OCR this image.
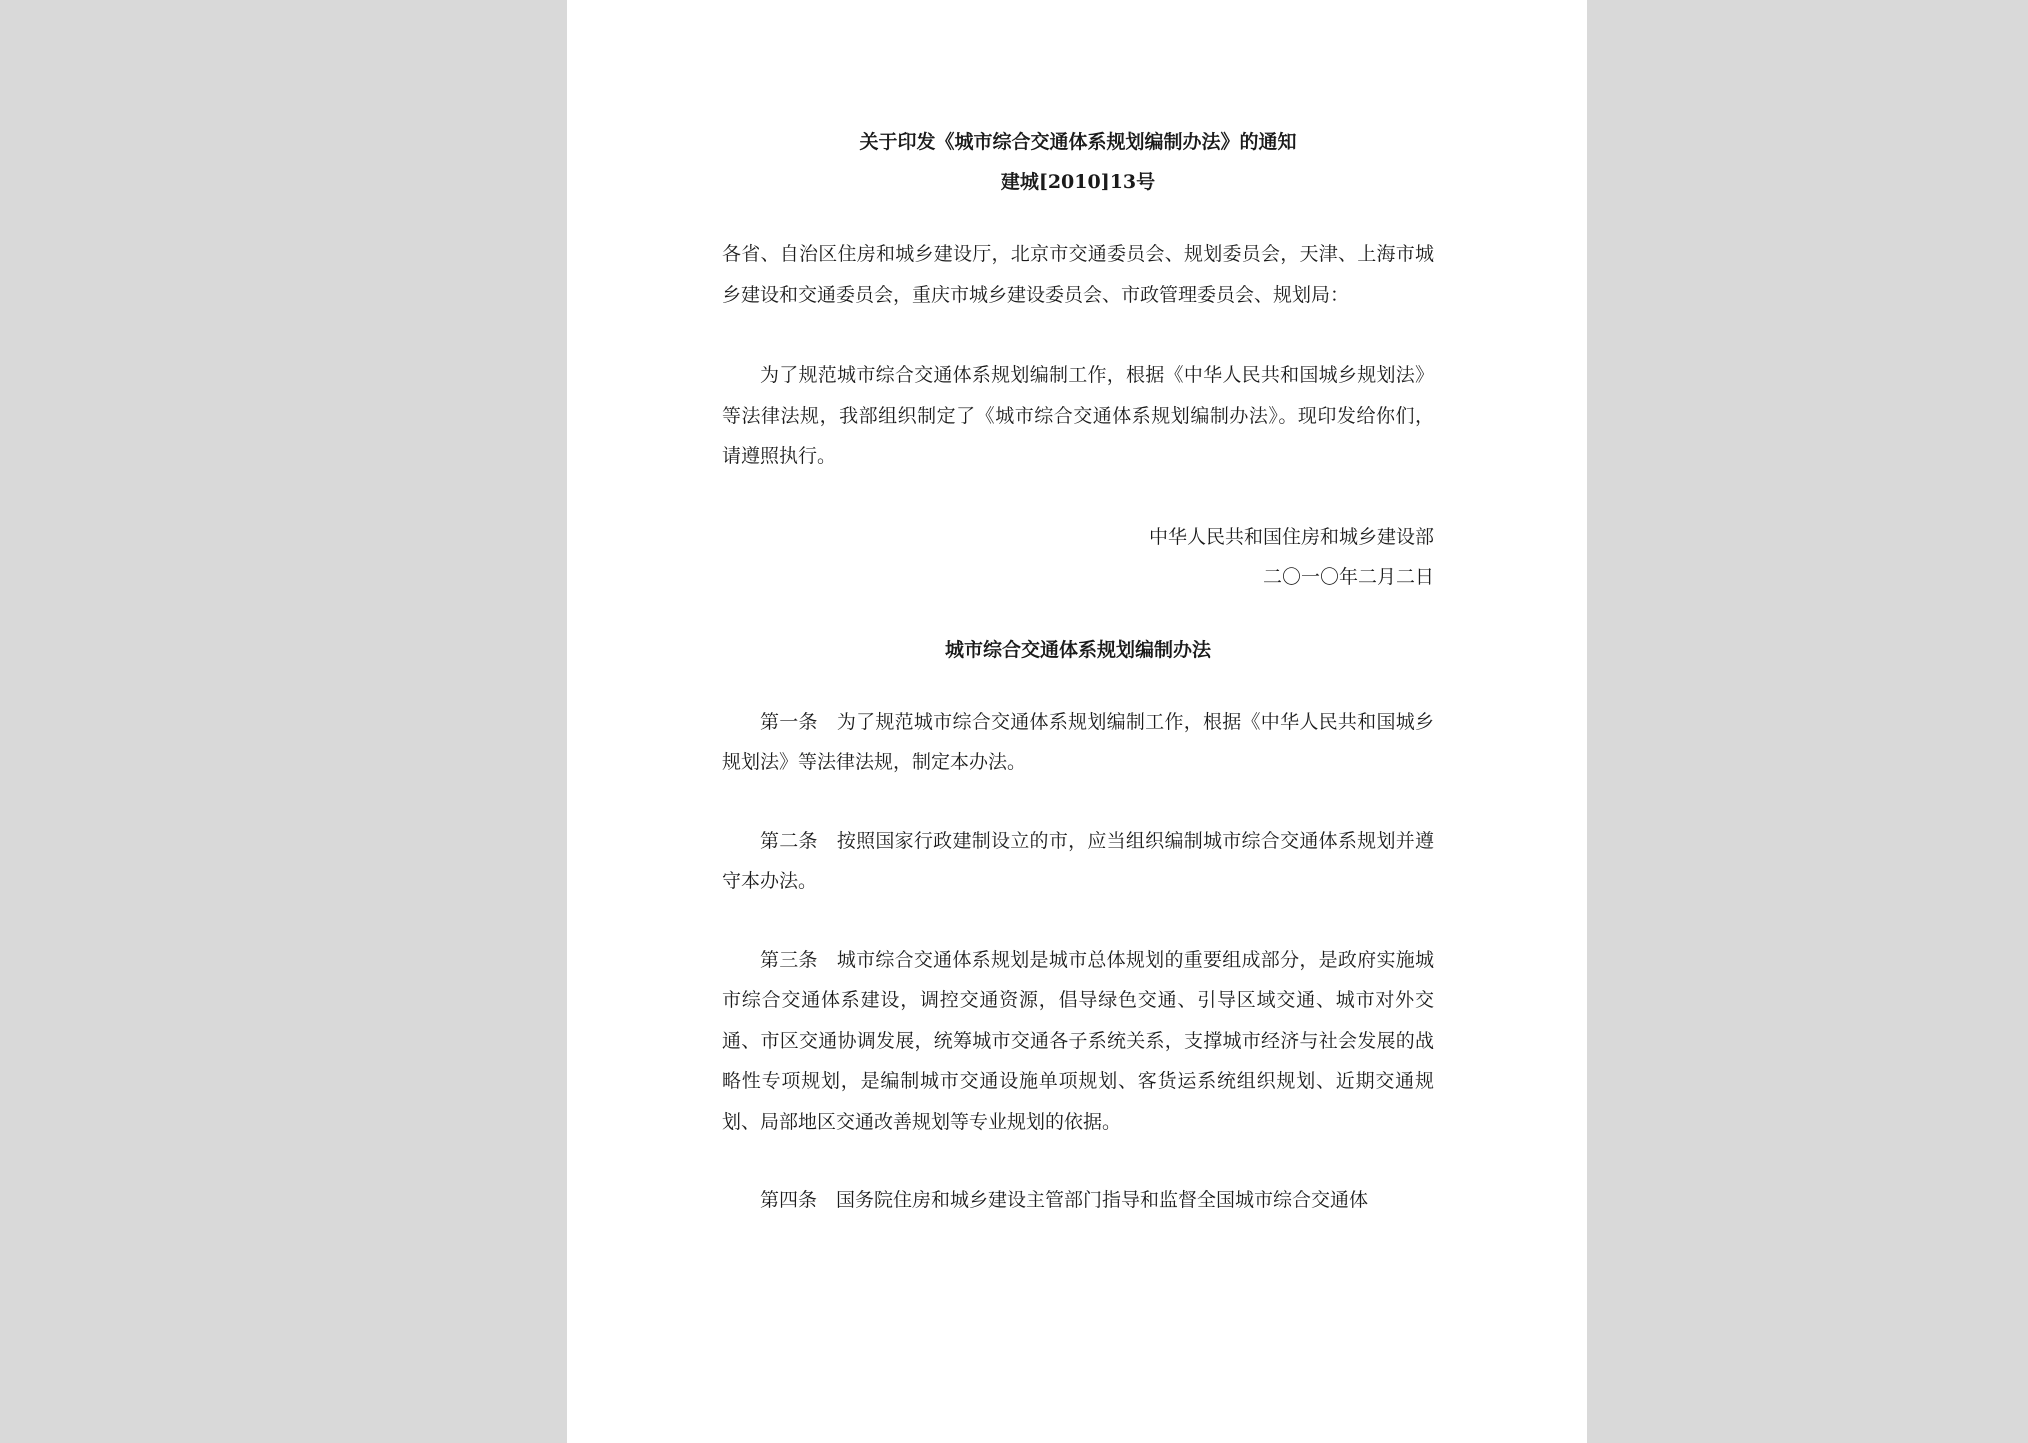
关于印发《城市综合交通体系规划编制办法》的通知

建城[2010]13号

各省、自治区住房和城乡建设厅，北京市交通委员会、规划委员会，天津、上海市城乡建设和交通委员会，重庆市城乡建设委员会、市政管理委员会、规划局：

为了规范城市综合交通体系规划编制工作，根据《中华人民共和国城乡规划法》等法律法规，我部组织制定了《城市综合交通体系规划编制办法》。现印发给你们，请遵照执行。

中华人民共和国住房和城乡建设部

二〇一〇年二月二日

城市综合交通体系规划编制办法

第一条 为了规范城市综合交通体系规划编制工作，根据《中华人民共和国城乡规划法》等法律法规，制定本办法。

第二条 按照国家行政建制设立的市，应当组织编制城市综合交通体系规划并遵守本办法。

第三条 城市综合交通体系规划是城市总体规划的重要组成部分，是政府实施城市综合交通体系建设，调控交通资源，倡导绿色交通、引导区域交通、城市对外交通、市区交通协调发展，统筹城市交通各子系统关系，支撑城市经济与社会发展的战略性专项规划，是编制城市交通设施单项规划、客货运系统组织规划、近期交通规划、局部地区交通改善规划等专业规划的依据。

第四条 国务院住房和城乡建设主管部门指导和监督全国城市综合交通体
